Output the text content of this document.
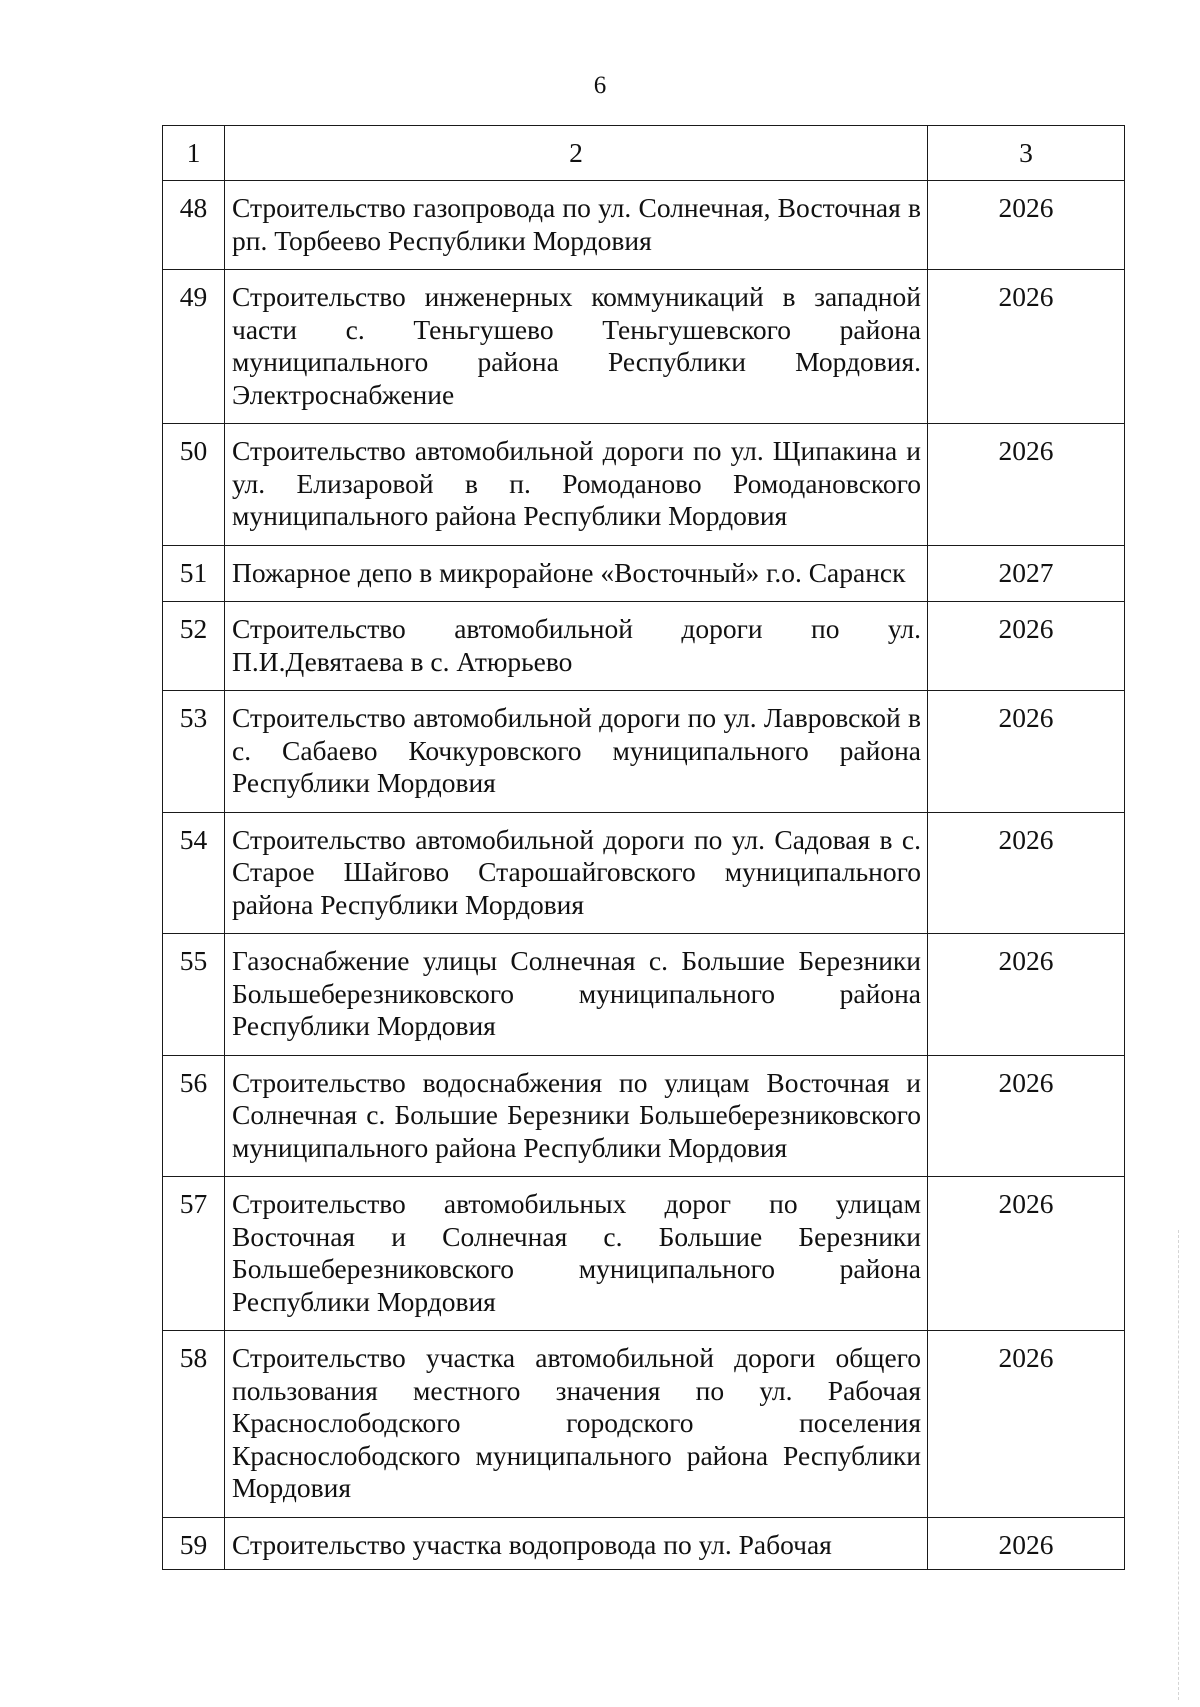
6
1	2	3
48	Строительство газопровода по ул. Солнечная, Восточная в рп. Торбеево Республики Мордовия	2026
49	Строительство инженерных коммуникаций в западной части с. Теньгушево Теньгушевского района муниципального района Республики Мордовия. Электроснабжение	2026
50	Строительство автомобильной дороги по ул. Щипакина и ул. Елизаровой в п. Ромоданово Ромодановского муниципального района Республики Мордовия	2026
51	Пожарное депо в микрорайоне «Восточный» г.о. Саранск	2027
52	Строительство автомобильной дороги по ул. П.И.Девятаева в с. Атюрьево	2026
53	Строительство автомобильной дороги по ул. Лавровской в с. Сабаево Кочкуровского муниципального района Республики Мордовия	2026
54	Строительство автомобильной дороги по ул. Садовая в с. Старое Шайгово Старошайговского муниципального района Республики Мордовия	2026
55	Газоснабжение улицы Солнечная с. Большие Березники Большеберезниковского муниципального района Республики Мордовия	2026
56	Строительство водоснабжения по улицам Восточная и Солнечная с. Большие Березники Большеберезниковского муниципального района Республики Мордовия	2026
57	Строительство автомобильных дорог по улицам Восточная и Солнечная с. Большие Березники Большеберезниковского муниципального района Республики Мордовия	2026
58	Строительство участка автомобильной дороги общего пользования местного значения по ул. Рабочая Краснослободского городского поселения Краснослободского муниципального района Республики Мордовия	2026
59	Строительство участка водопровода по ул. Рабочая	2026
